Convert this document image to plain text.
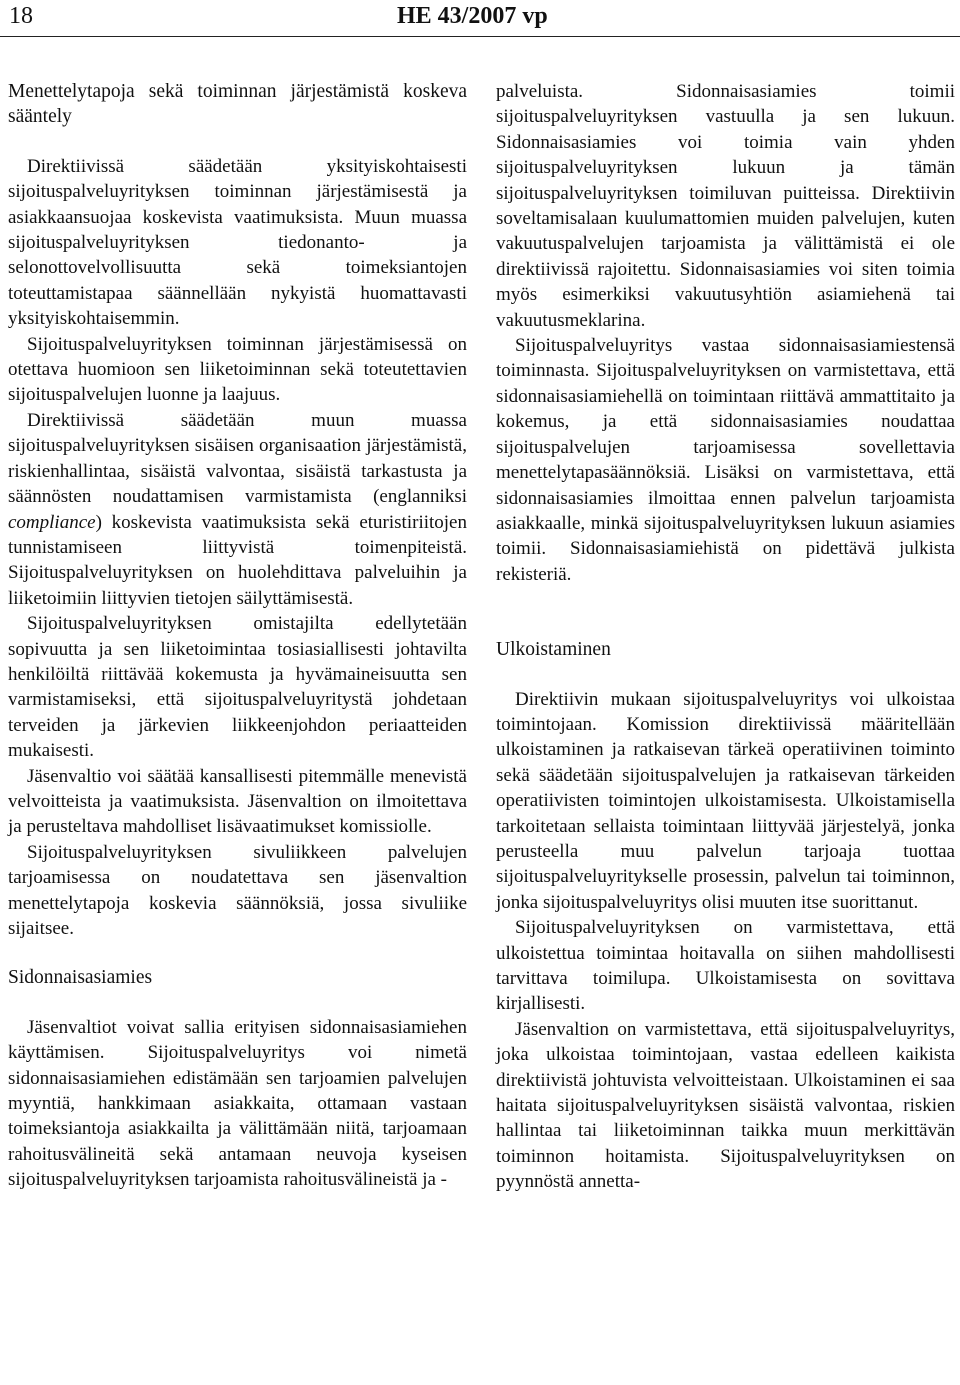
18	HE 43/2007 vp
Menettelytapoja sekä toiminnan järjestämistä koskeva sääntely

Direktiivissä säädetään yksityiskohtaisesti sijoituspalveluyrityksen toiminnan järjestämisestä ja asiakkaansuojaa koskevista vaatimuksista. Muun muassa sijoituspalveluyrityksen tiedonanto- ja selonottovelvollisuutta sekä toimeksiantojen toteuttamistapaa säännellään nykyistä huomattavasti yksityiskohtaisemmin.

Sijoituspalveluyrityksen toiminnan järjestämisessä on otettava huomioon sen liiketoiminnan sekä toteutettavien sijoituspalvelujen luonne ja laajuus.

Direktiivissä säädetään muun muassa sijoituspalveluyrityksen sisäisen organisaation järjestämistä, riskienhallintaa, sisäistä valvontaa, sisäistä tarkastusta ja säännösten noudattamisen varmistamista (englanniksi compliance) koskevista vaatimuksista sekä eturistiriitojen tunnistamiseen liittyvistä toimenpiteistä. Sijoituspalveluyrityksen on huolehdittava palveluihin ja liiketoimiin liittyvien tietojen säilyttämisestä.

Sijoituspalveluyrityksen omistajilta edellytetään sopivuutta ja sen liiketoimintaa tosiasiallisesti johtavilta henkilöiltä riittävää kokemusta ja hyvämaineisuutta sen varmistamiseksi, että sijoituspalveluyritystä johdetaan terveiden ja järkevien liikkeenjohdon periaatteiden mukaisesti.

Jäsenvaltio voi säätää kansallisesti pitemmälle menevistä velvoitteista ja vaatimuksista. Jäsenvaltion on ilmoitettava ja perusteltava mahdolliset lisävaatimukset komissiolle.

Sijoituspalveluyrityksen sivuliikkeen palvelujen tarjoamisessa on noudatettava sen jäsenvaltion menettelytapoja koskevia säännöksiä, jossa sivuliike sijaitsee.

Sidonnaisasiamies

Jäsenvaltiot voivat sallia erityisen sidonnaisasiamiehen käyttämisen. Sijoituspalveluyritys voi nimetä sidonnaisasiamiehen edistämään sen tarjoamien palvelujen myyntiä, hankkimaan asiakkaita, ottamaan vastaan toimeksiantoja asiakkailta ja välittämään niitä, tarjoamaan rahoitusvälineitä sekä antamaan neuvoja kyseisen sijoituspalveluyrityksen tarjoamista rahoitusvälineistä ja -

palveluista. Sidonnaisasiamies toimii sijoituspalveluyrityksen vastuulla ja sen lukuun. Sidonnaisasiamies voi toimia vain yhden sijoituspalveluyrityksen lukuun ja tämän sijoituspalveluyrityksen toimiluvan puitteissa. Direktiivin soveltamisalaan kuulumattomien muiden palvelujen, kuten vakuutuspalvelujen tarjoamista ja välittämistä ei ole direktiivissä rajoitettu. Sidonnaisasiamies voi siten toimia myös esimerkiksi vakuutusyhtiön asiamiehenä tai vakuutusmeklarina.

Sijoituspalveluyritys vastaa sidonnaisasiamiestensä toiminnasta. Sijoituspalveluyrityksen on varmistettava, että sidonnaisasiamiehellä on toimintaan riittävä ammattitaito ja kokemus, ja että sidonnaisasiamies noudattaa sijoituspalvelujen tarjoamisessa sovellettavia menettelytapasäännöksiä. Lisäksi on varmistettava, että sidonnaisasiamies ilmoittaa ennen palvelun tarjoamista asiakkaalle, minkä sijoituspalveluyrityksen lukuun asiamies toimii. Sidonnaisasiamiehistä on pidettävä julkista rekisteriä.

Ulkoistaminen

Direktiivin mukaan sijoituspalveluyritys voi ulkoistaa toimintojaan. Komission direktiivissä määritellään ulkoistaminen ja ratkaisevan tärkeä operatiivinen toiminto sekä säädetään sijoituspalvelujen ja ratkaisevan tärkeiden operatiivisten toimintojen ulkoistamisesta. Ulkoistamisella tarkoitetaan sellaista toimintaan liittyvää järjestelyä, jonka perusteella muu palvelun tarjoaja tuottaa sijoituspalveluyritykselle prosessin, palvelun tai toiminnon, jonka sijoituspalveluyritys olisi muuten itse suorittanut.

Sijoituspalveluyrityksen on varmistettava, että ulkoistettua toimintaa hoitavalla on siihen mahdollisesti tarvittava toimilupa. Ulkoistamisesta on sovittava kirjallisesti.

Jäsenvaltion on varmistettava, että sijoituspalveluyritys, joka ulkoistaa toimintojaan, vastaa edelleen kaikista direktiivistä johtuvista velvoitteistaan. Ulkoistaminen ei saa haitata sijoituspalveluyrityksen sisäistä valvontaa, riskien hallintaa tai liiketoiminnan taikka muun merkittävän toiminnon hoitamista. Sijoituspalveluyrityksen on pyynnöstä annetta-
